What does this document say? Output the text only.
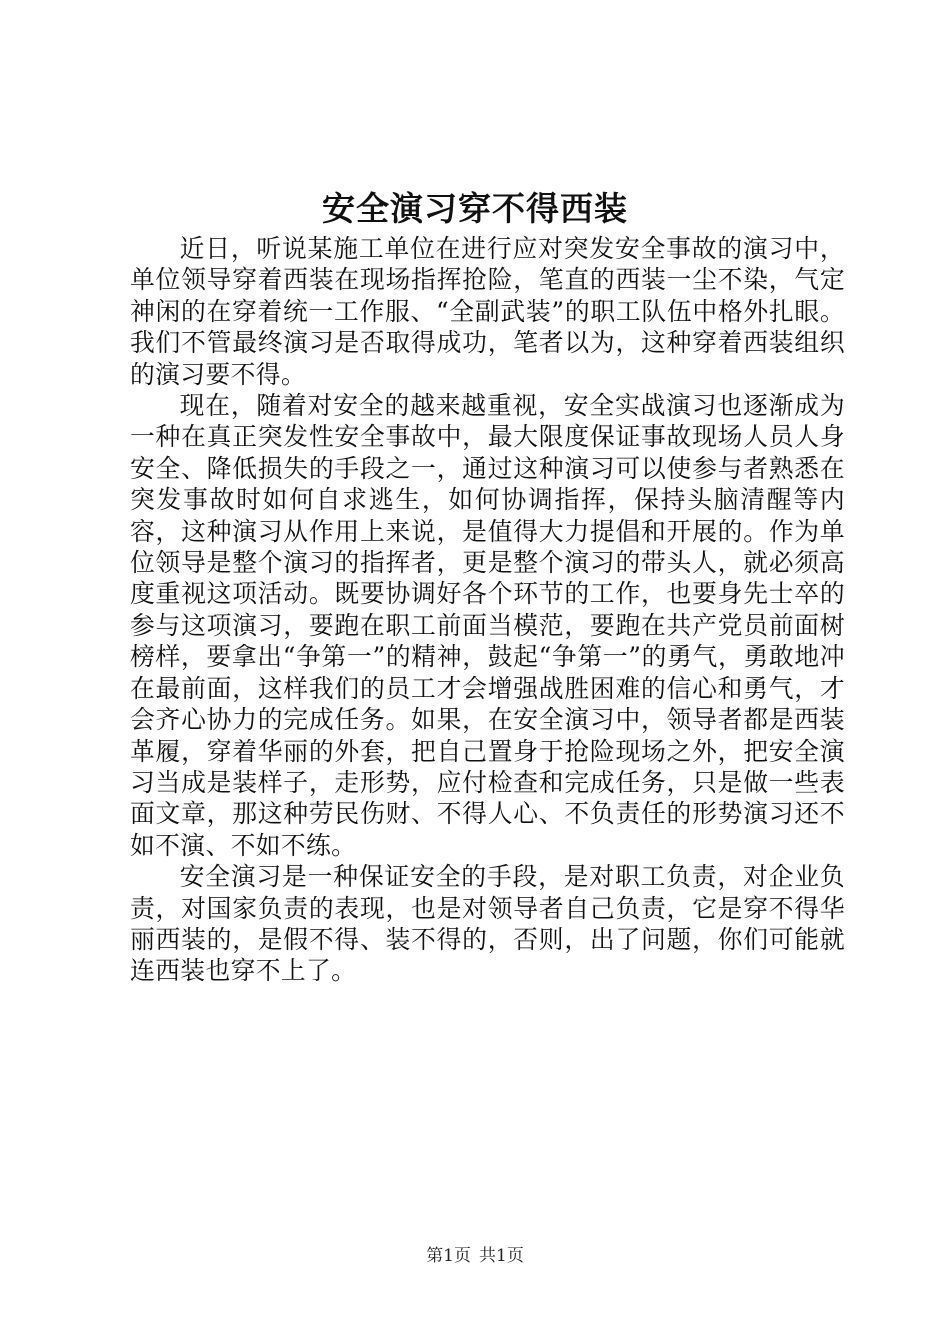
安全演习穿不得西装

近日，听说某施工单位在进行应对突发安全事故的演习中，单位领导穿着西装在现场指挥抢险，笔直的西装一尘不染，气定神闲的在穿着统一工作服、“全副武装”的职工队伍中格外扎眼。我们不管最终演习是否取得成功，笔者以为，这种穿着西装组织的演习要不得。

现在，随着对安全的越来越重视，安全实战演习也逐渐成为一种在真正突发性安全事故中，最大限度保证事故现场人员人身安全、降低损失的手段之一，通过这种演习可以使参与者熟悉在突发事故时如何自求逃生，如何协调指挥，保持头脑清醒等内容，这种演习从作用上来说，是值得大力提倡和开展的。作为单位领导是整个演习的指挥者，更是整个演习的带头人，就必须高度重视这项活动。既要协调好各个环节的工作，也要身先士卒的参与这项演习，要跑在职工前面当模范，要跑在共产党员前面树榜样，要拿出“争第一”的精神，鼓起“争第一”的勇气，勇敢地冲在最前面，这样我们的员工才会增强战胜困难的信心和勇气，才会齐心协力的完成任务。如果，在安全演习中，领导者都是西装革履，穿着华丽的外套，把自己置身于抢险现场之外，把安全演习当成是装样子，走形势，应付检查和完成任务，只是做一些表面文章，那这种劳民伤财、不得人心、不负责任的形势演习还不如不演、不如不练。

安全演习是一种保证安全的手段，是对职工负责，对企业负责，对国家负责的表现，也是对领导者自己负责，它是穿不得华丽西装的，是假不得、装不得的，否则，出了问题，你们可能就连西装也穿不上了。

第1页 共1页
